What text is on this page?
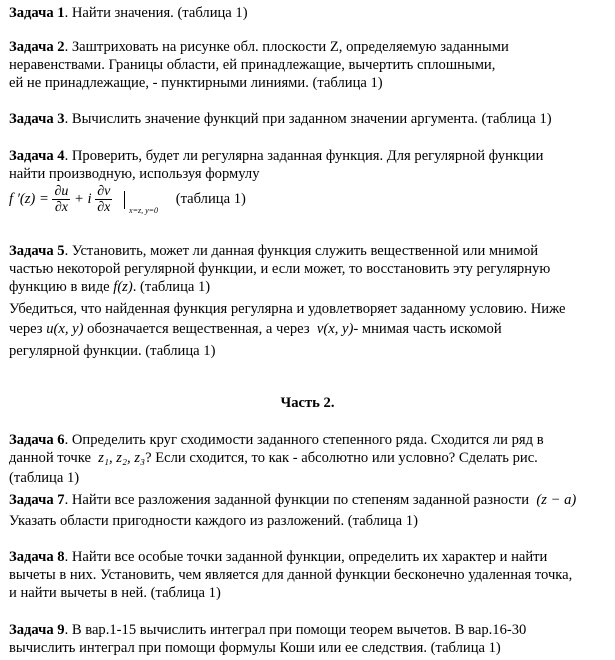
Задача 1. Найти значения. (таблица 1)

Задача 2. Заштриховать на рисунке обл. плоскости Z, определяемую заданными

неравенствами. Границы области, ей принадлежащие, вычертить сплошными,

ей не принадлежащие, - пунктирными линиями. (таблица 1)

Задача 3. Вычислить значение функций при заданном значении аргумента. (таблица 1)

Задача 4. Проверить, будет ли регулярна заданная функция. Для регулярной функции

найти производную, используя формулу

f $'(z) = \frac{\partial u}{\partial x} + i \frac{\partial v}{\partial x} _{x=z, y=0}$ (таблица 1)

Задача 5. Установить, может ли данная функция служить вещественной или мнимой

частью некоторой регулярной функции, и если может, то восстановить эту регулярную

функцию в виде f(z). (таблица 1)

Убедиться, что найденная функция регулярна и удовлетворяет заданному условию. Ниже

через u(x, y) обозначается вещественная, а через v(x, y)- мнимая часть искомой

регулярной функции. (таблица 1)

Часть 2.

Задача 6. Определить круг сходимости заданного степенного ряда. Сходится ли ряд в

данной точке z₁, z₂, z₃? Если сходится, то как - абсолютно или условно? Сделать рис.

(таблица 1)

Задача 7. Найти все разложения заданной функции по степеням заданной разности (z − a)

Указать области пригодности каждого из разложений. (таблица 1)

Задача 8. Найти все особые точки заданной функции, определить их характер и найти

вычеты в них. Установить, чем является для данной функции бесконечно удаленная точка,

и найти вычеты в ней. (таблица 1)

Задача 9. В вар.1-15 вычислить интеграл при помощи теорем вычетов. В вар.16-30

вычислить интеграл при помощи формулы Коши или ее следствия. (таблица 1)
